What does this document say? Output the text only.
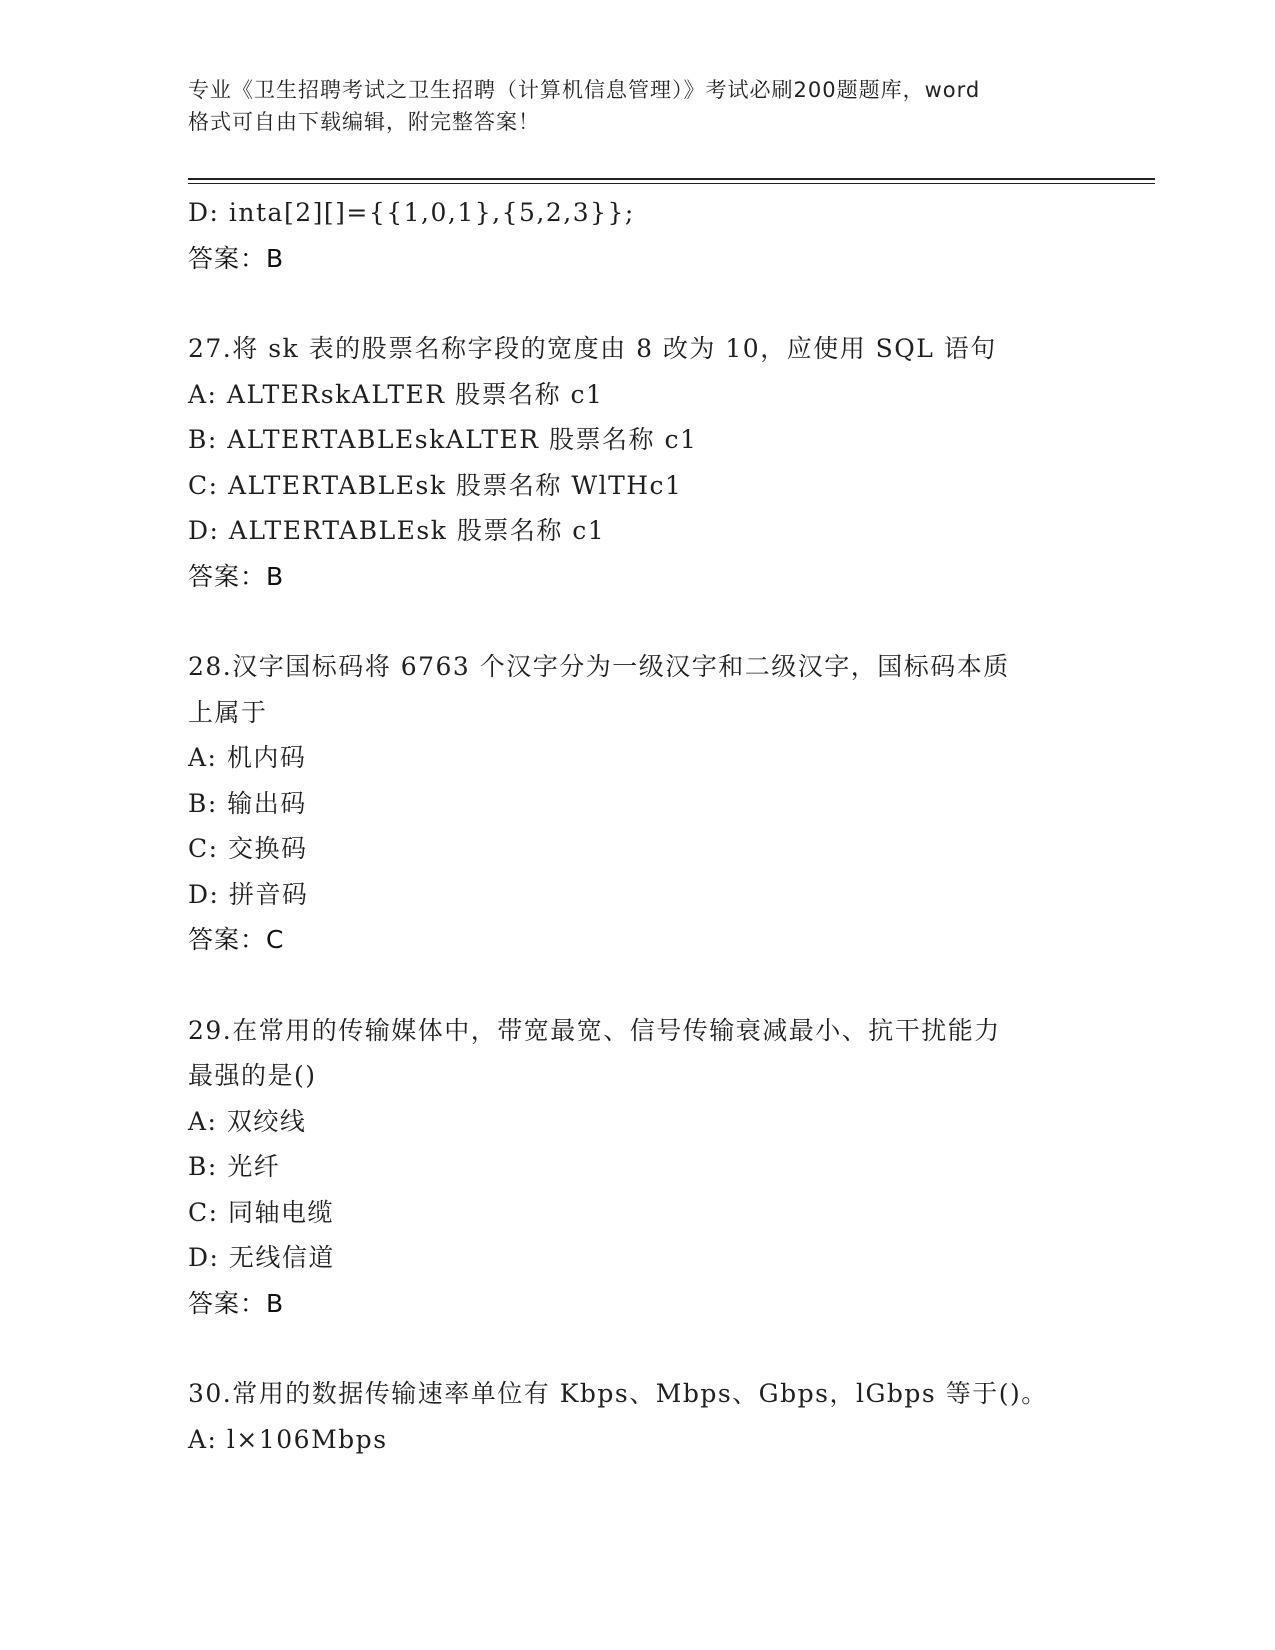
专业《卫生招聘考试之卫生招聘（计算机信息管理）》考试必刷200题题库，word
格式可自由下载编辑，附完整答案！
D: inta[2][]={{1,0,1},{5,2,3}};
答案：B
27.将 sk 表的股票名称字段的宽度由 8 改为 10，应使用 SQL 语句
A: ALTERskALTER 股票名称 c1
B: ALTERTABLEskALTER 股票名称 c1
C: ALTERTABLEsk 股票名称 WlTHc1
D: ALTERTABLEsk 股票名称 c1
答案：B
28.汉字国标码将 6763 个汉字分为一级汉字和二级汉字，国标码本质
上属于
A: 机内码
B: 输出码
C: 交换码
D: 拼音码
答案：C
29.在常用的传输媒体中，带宽最宽、信号传输衰减最小、抗干扰能力
最强的是()
A: 双绞线
B: 光纤
C: 同轴电缆
D: 无线信道
答案：B
30.常用的数据传输速率单位有 Kbps、Mbps、Gbps，lGbps 等于()。
A: l×106Mbps
